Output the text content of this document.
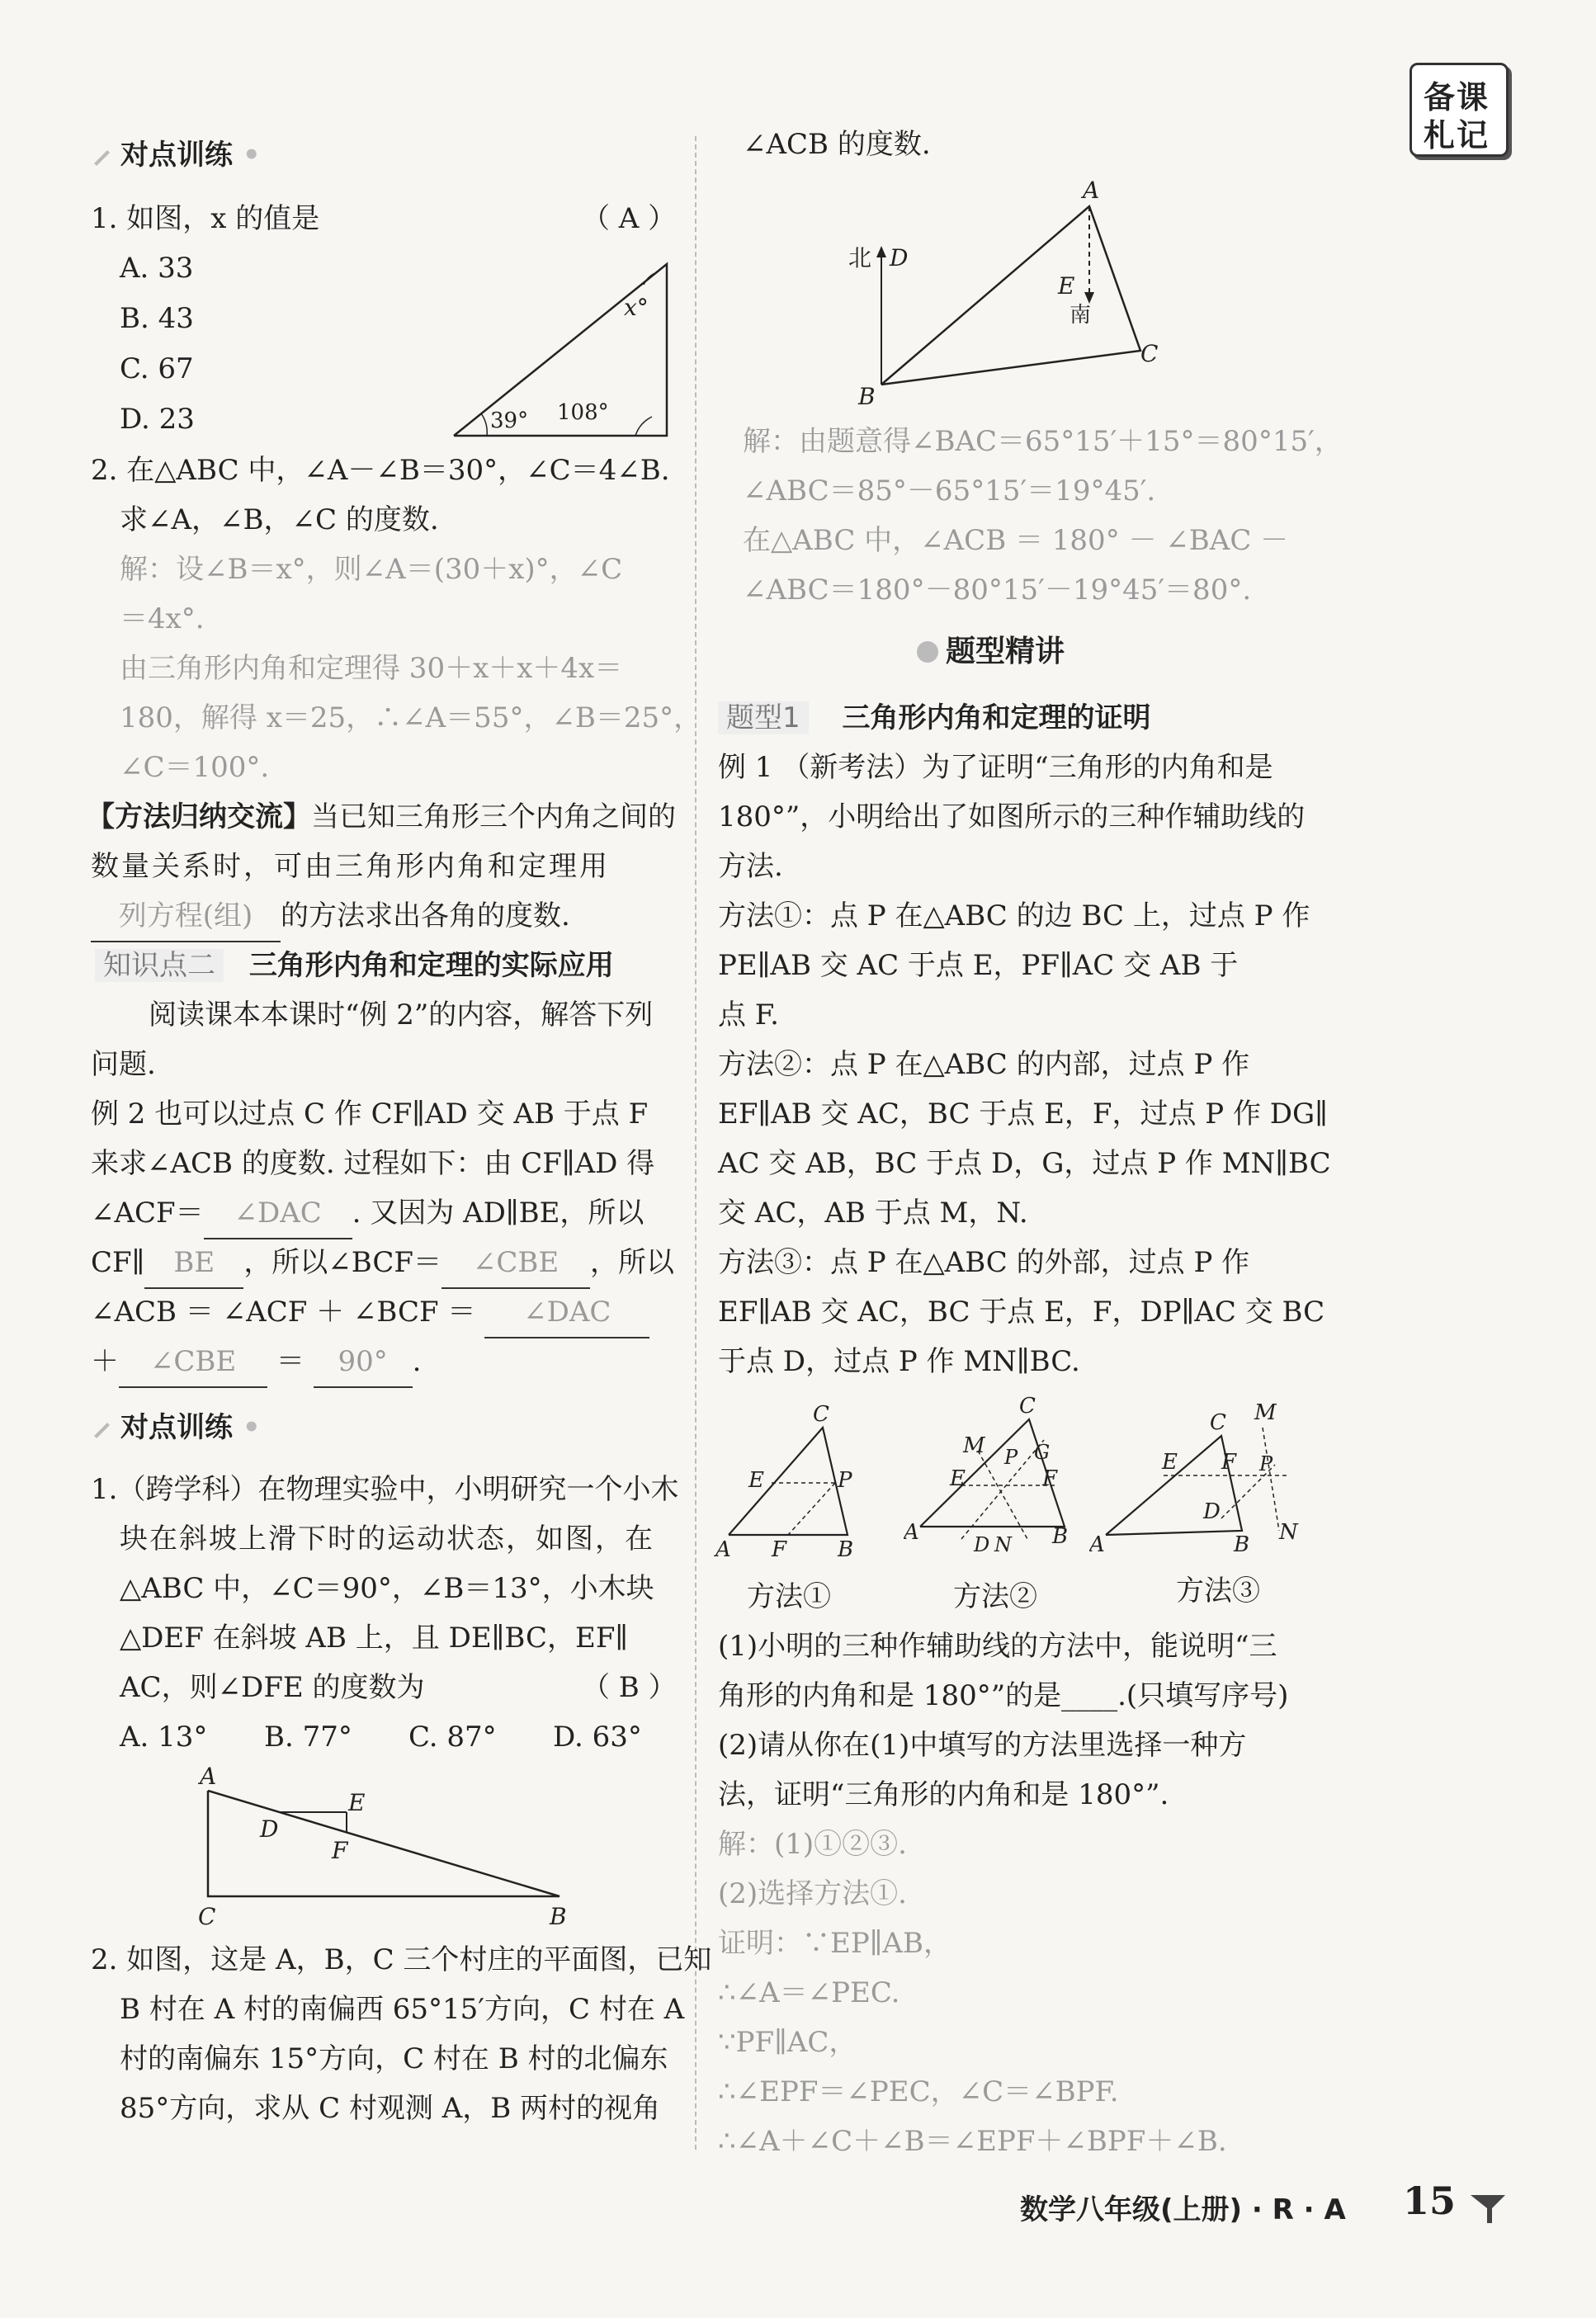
备课
札记
对点训练 •
1. 如图，x 的值是	（ A ）
A. 33
B. 43
C. 67
D. 23
x°
39° 108°
2. 在△ABC 中，∠A－∠B＝30°，∠C＝4∠B.
求∠A，∠B，∠C 的度数.
解：设∠B＝x°，则∠A＝(30＋x)°，∠C
＝4x°.
由三角形内角和定理得 30＋x＋x＋4x＝
180，解得 x＝25，∴∠A＝55°，∠B＝25°，
∠C＝100°.
【方法归纳交流】当已知三角形三个内角之间的
数量关系时，可由三角形内角和定理用
列方程(组) 的方法求出各角的度数.
知识点二 三角形内角和定理的实际应用
阅读课本本课时“例 2”的内容，解答下列
问题.
例 2 也可以过点 C 作 CF∥AD 交 AB 于点 F
来求∠ACB 的度数. 过程如下：由 CF∥AD 得
∠ACF＝ ∠DAC . 又因为 AD∥BE，所以
CF∥ BE ，所以∠BCF＝ ∠CBE ，所以
∠ACB ＝ ∠ACF ＋ ∠BCF ＝ ∠DAC
＋ ∠CBE ＝ 90° .
对点训练 •
1.（跨学科）在物理实验中，小明研究一个小木
块在斜坡上滑下时的运动状态，如图，在
△ABC 中，∠C＝90°，∠B＝13°，小木块
△DEF 在斜坡 AB 上，且 DE∥BC，EF∥
AC，则∠DFE 的度数为	（ B ）
A. 13° B. 77° C. 87° D. 63°
A
C	B
D
E
F
2. 如图，这是 A，B，C 三个村庄的平面图，已知
B 村在 A 村的南偏西 65°15′方向，C 村在 A
村的南偏东 15°方向，C 村在 B 村的北偏东
85°方向，求从 C 村观测 A，B 两村的视角
∠ACB 的度数.
北 D
A
E
南
C
B
解：由题意得∠BAC＝65°15′＋15°＝80°15′，
∠ABC＝85°－65°15′＝19°45′.
在△ABC 中，∠ACB ＝ 180° － ∠BAC －
∠ABC＝180°－80°15′－19°45′＝80°.
题型精讲
题型1 三角形内角和定理的证明
例 1 （新考法）为了证明“三角形的内角和是
180°”，小明给出了如图所示的三种作辅助线的
方法.
方法①：点 P 在△ABC 的边 BC 上，过点 P 作
PE∥AB 交 AC 于点 E，PF∥AC 交 AB 于
点 F.
方法②：点 P 在△ABC 的内部，过点 P 作
EF∥AB 交 AC，BC 于点 E，F，过点 P 作 DG∥
AC 交 AB，BC 于点 D，G，过点 P 作 MN∥BC
交 AC，AB 于点 M，N.
方法③：点 P 在△ABC 的外部，过点 P 作
EF∥AB 交 AC，BC 于点 E，F，DP∥AC 交 BC
于点 D，过点 P 作 MN∥BC.
C
E	P
A F B
C
M P G
E	F
A	D N B
C M
E F P
D
A	B N
方法①	方法②	方法③
(1)小明的三种作辅助线的方法中，能说明“三
角形的内角和是 180°”的是____.(只填写序号)
(2)请从你在(1)中填写的方法里选择一种方
法，证明“三角形的内角和是 180°”.
解：(1)①②③.
(2)选择方法①.
证明：∵EP∥AB，
∴∠A＝∠PEC.
∵PF∥AC，
∴∠EPF＝∠PEC，∠C＝∠BPF.
∴∠A＋∠C＋∠B＝∠EPF＋∠BPF＋∠B.
数学八年级(上册) · R · A 15
